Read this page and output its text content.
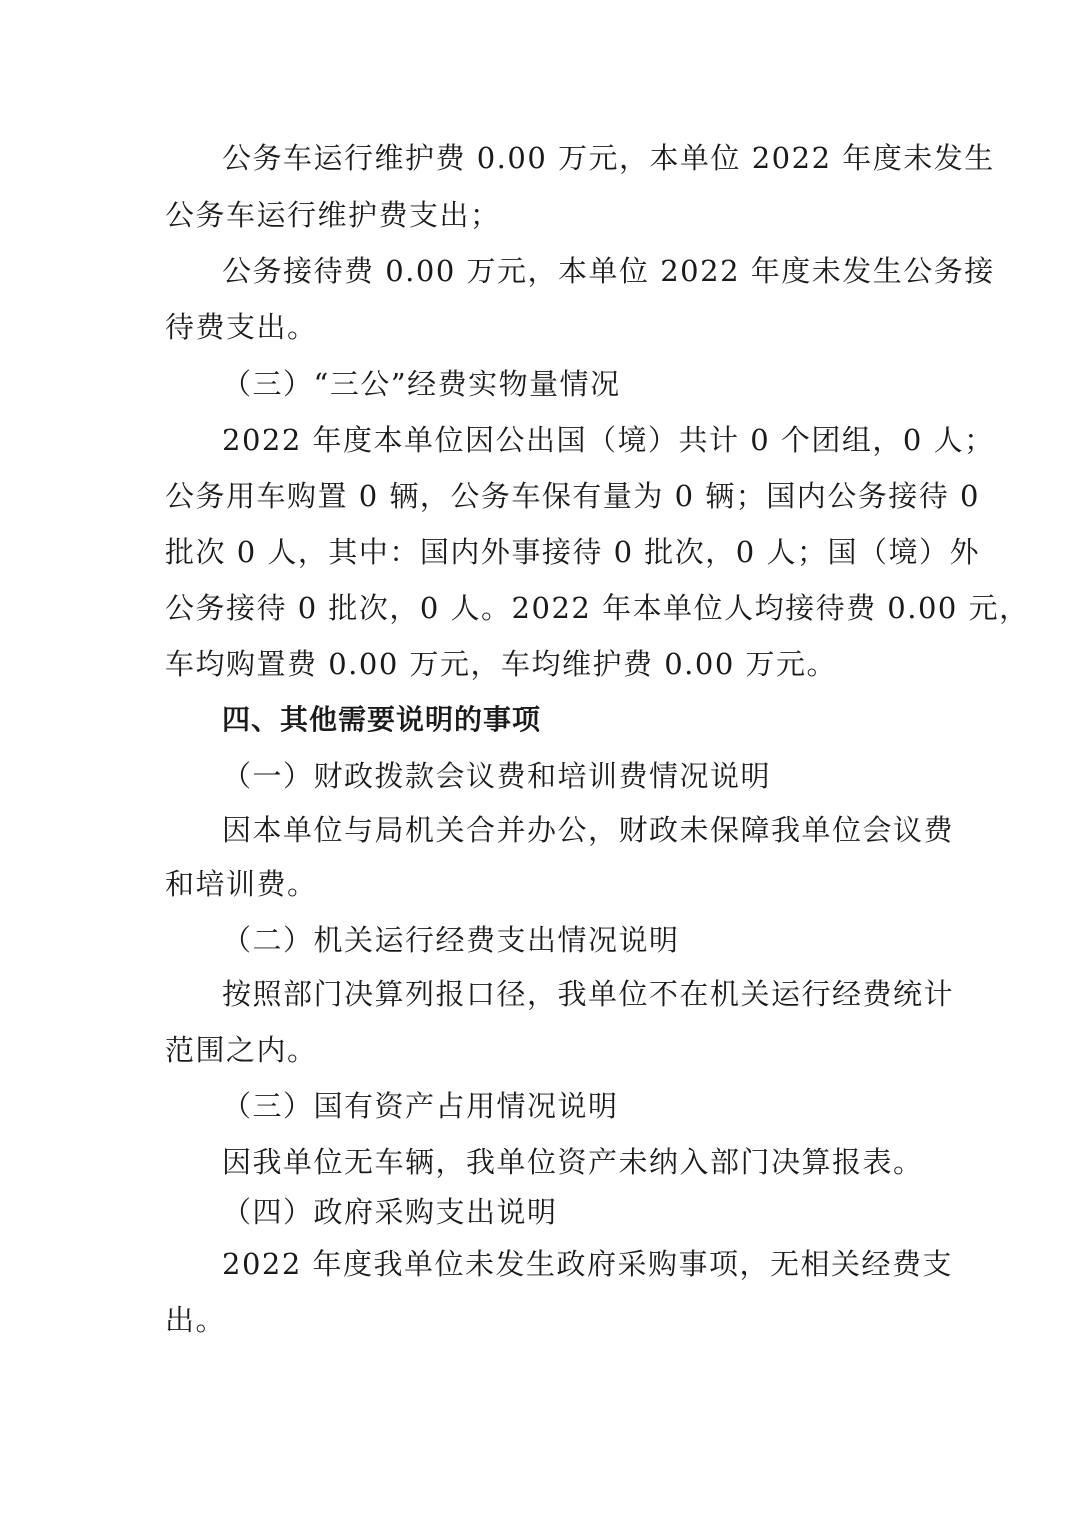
公务车运行维护费 0.00 万元，本单位 2022 年度未发生
公务车运行维护费支出；
公务接待费 0.00 万元，本单位 2022 年度未发生公务接
待费支出。
（三）“三公”经费实物量情况
2022 年度本单位因公出国（境）共计 0 个团组，0 人；
公务用车购置 0 辆，公务车保有量为 0 辆；国内公务接待 0
批次 0 人，其中：国内外事接待 0 批次，0 人；国（境）外
公务接待 0 批次，0 人。2022 年本单位人均接待费 0.00 元，
车均购置费 0.00 万元，车均维护费 0.00 万元。
四、其他需要说明的事项
（一）财政拨款会议费和培训费情况说明
因本单位与局机关合并办公，财政未保障我单位会议费
和培训费。
（二）机关运行经费支出情况说明
按照部门决算列报口径，我单位不在机关运行经费统计
范围之内。
（三）国有资产占用情况说明
因我单位无车辆，我单位资产未纳入部门决算报表。
（四）政府采购支出说明
2022 年度我单位未发生政府采购事项，无相关经费支
出。
